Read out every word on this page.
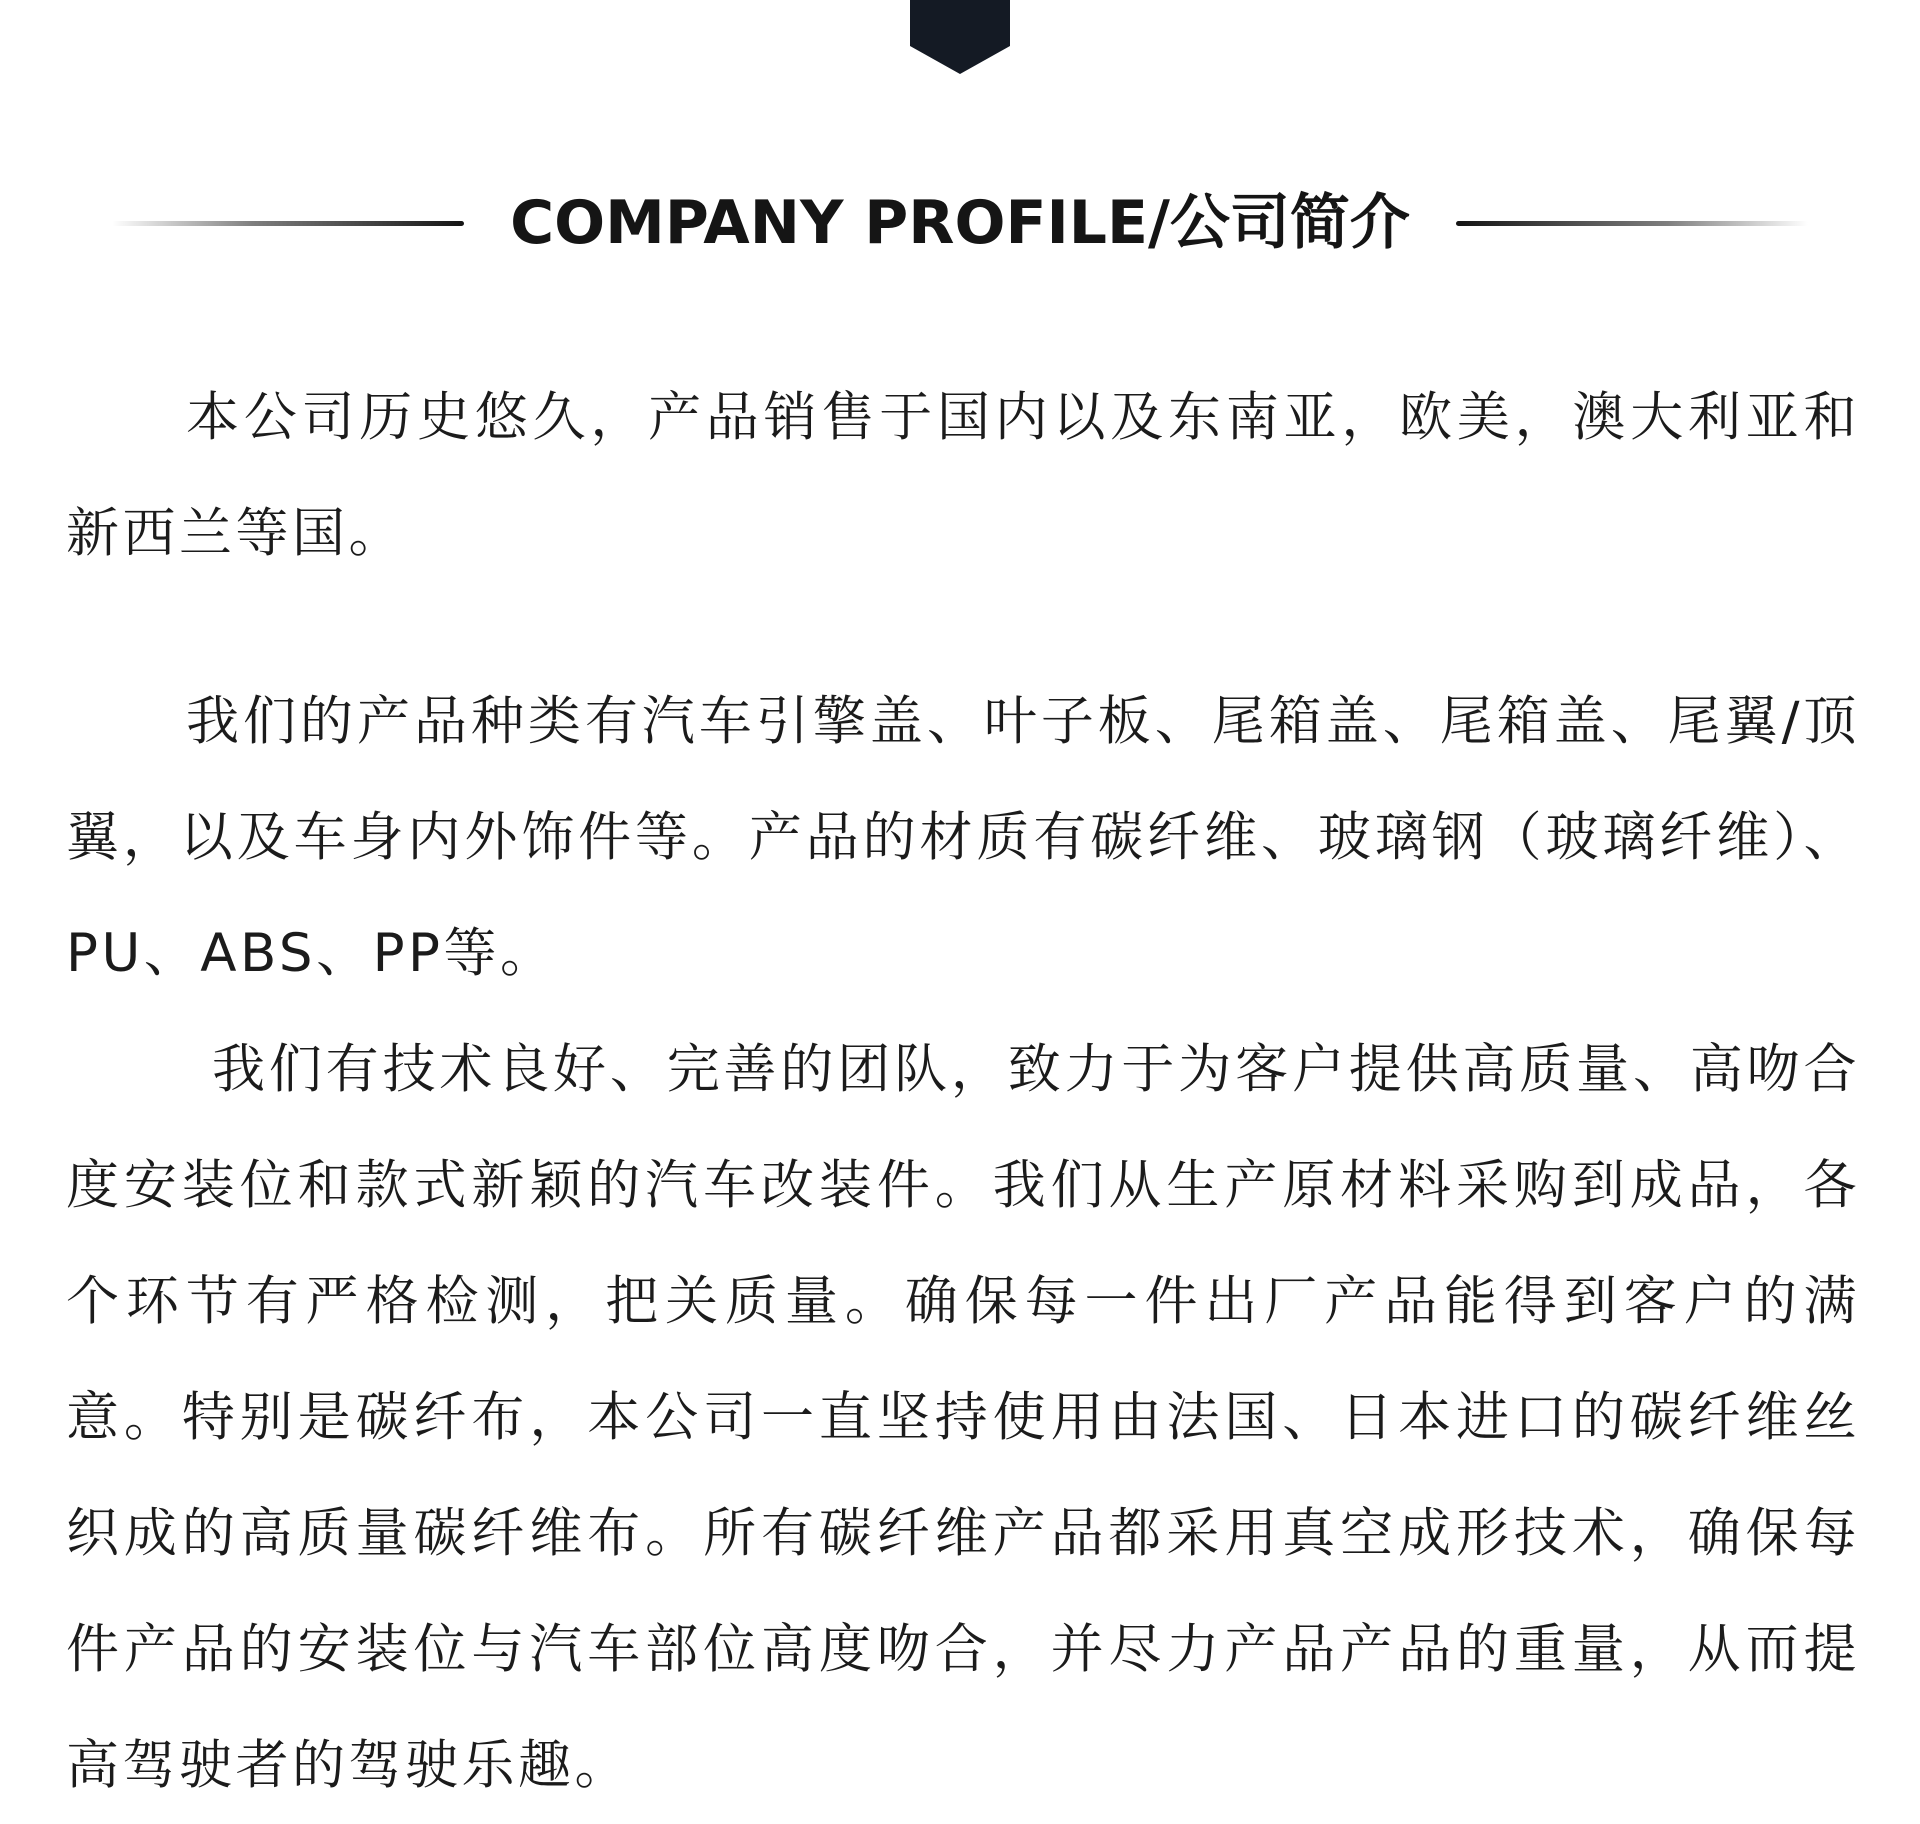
COMPANY PROFILE/公司简介

本公司历史悠久，产品销售于国内以及东南亚，欧美，澳大利亚和新西兰等国。

我们的产品种类有汽车引擎盖、叶子板、尾箱盖、尾箱盖、尾翼/顶翼，以及车身内外饰件等。产品的材质有碳纤维、玻璃钢（玻璃纤维）、PU、ABS、PP等。

我们有技术良好、完善的团队，致力于为客户提供高质量、高吻合度安装位和款式新颖的汽车改装件。我们从生产原材料采购到成品，各个环节有严格检测，把关质量。确保每一件出厂产品能得到客户的满意。特别是碳纤布，本公司一直坚持使用由法国、日本进口的碳纤维丝织成的高质量碳纤维布。所有碳纤维产品都采用真空成形技术，确保每件产品的安装位与汽车部位高度吻合，并尽力产品产品的重量，从而提高驾驶者的驾驶乐趣。
